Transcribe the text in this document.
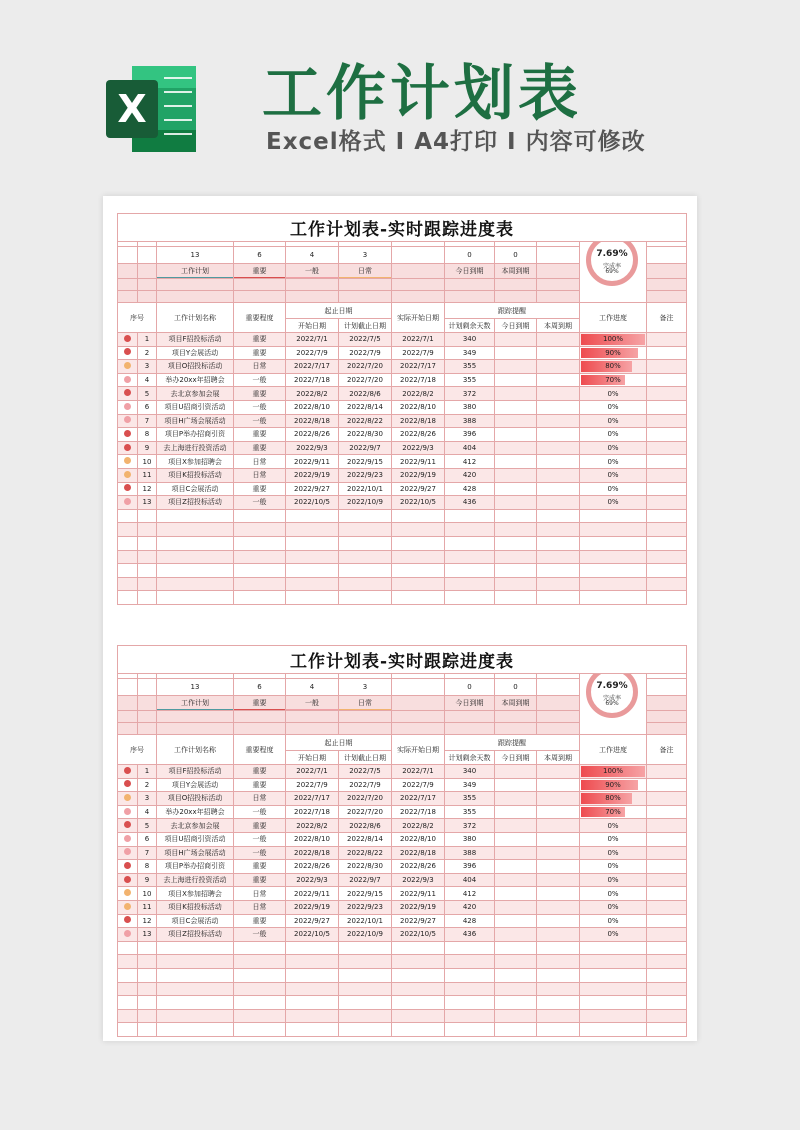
X 工作计划表
Excel格式 I A4打印 I 内容可修改
工作计划表-实时跟踪进度表											

										7.69%
完成率
69%	

		13	6	4	3		0	0			
		工作计划	重要	一般	日常		今日到期	本周到期			

序号		工作计划名称	重要程度	起止日期		实际开始日期	跟踪提醒			工作进度	备注
				开始日期	计划截止日期		计划剩余天数	今日到期	本周到期		
	1	项目F招投标活动	重要	2022/7/1	2022/7/5	2022/7/1	340			100%	
	2	项目Y会展活动	重要	2022/7/9	2022/7/9	2022/7/9	349			90%	
	3	项目O招投标活动	日常	2022/7/17	2022/7/20	2022/7/17	355			80%	
	4	举办20xx年招聘会	一般	2022/7/18	2022/7/20	2022/7/18	355			70%	
	5	去北京参加会展	重要	2022/8/2	2022/8/6	2022/8/2	372			0%	
	6	项目U招商引资活动	一般	2022/8/10	2022/8/14	2022/8/10	380			0%	
	7	项目H广场会展活动	一般	2022/8/18	2022/8/22	2022/8/18	388			0%	
	8	项目P举办招商引资	重要	2022/8/26	2022/8/30	2022/8/26	396			0%	
	9	去上海进行投资活动	重要	2022/9/3	2022/9/7	2022/9/3	404			0%	
	10	项目X参加招聘会	日常	2022/9/11	2022/9/15	2022/9/11	412			0%	
	11	项目K招投标活动	日常	2022/9/19	2022/9/23	2022/9/19	420			0%	
	12	项目C会展活动	重要	2022/9/27	2022/10/1	2022/9/27	428			0%	
	13	项目Z招投标活动	一般	2022/10/5	2022/10/9	2022/10/5	436			0%	

工作计划表-实时跟踪进度表											

										7.69%
完成率
69%	

		13	6	4	3		0	0			
		工作计划	重要	一般	日常		今日到期	本周到期			

序号		工作计划名称	重要程度	起止日期		实际开始日期	跟踪提醒			工作进度	备注
				开始日期	计划截止日期		计划剩余天数	今日到期	本周到期		
	1	项目F招投标活动	重要	2022/7/1	2022/7/5	2022/7/1	340			100%	
	2	项目Y会展活动	重要	2022/7/9	2022/7/9	2022/7/9	349			90%	
	3	项目O招投标活动	日常	2022/7/17	2022/7/20	2022/7/17	355			80%	
	4	举办20xx年招聘会	一般	2022/7/18	2022/7/20	2022/7/18	355			70%	
	5	去北京参加会展	重要	2022/8/2	2022/8/6	2022/8/2	372			0%	
	6	项目U招商引资活动	一般	2022/8/10	2022/8/14	2022/8/10	380			0%	
	7	项目H广场会展活动	一般	2022/8/18	2022/8/22	2022/8/18	388			0%	
	8	项目P举办招商引资	重要	2022/8/26	2022/8/30	2022/8/26	396			0%	
	9	去上海进行投资活动	重要	2022/9/3	2022/9/7	2022/9/3	404			0%	
	10	项目X参加招聘会	日常	2022/9/11	2022/9/15	2022/9/11	412			0%	
	11	项目K招投标活动	日常	2022/9/19	2022/9/23	2022/9/19	420			0%	
	12	项目C会展活动	重要	2022/9/27	2022/10/1	2022/9/27	428			0%	
	13	项目Z招投标活动	一般	2022/10/5	2022/10/9	2022/10/5	436			0%	
